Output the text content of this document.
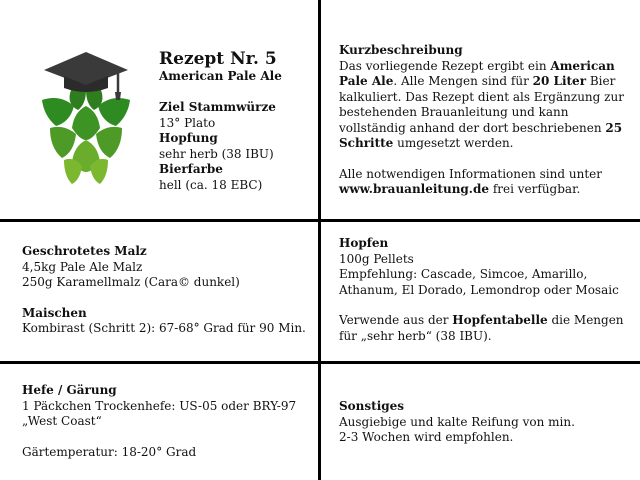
Rezept Nr. 5
American Pale Ale
Ziel Stammwürze
13° Plato
Hopfung
sehr herb (38 IBU)
Bierfarbe
hell (ca. 18 EBC)
Kurzbeschreibung
Das vorliegende Rezept ergibt ein American Pale Ale. Alle Mengen sind für 20 Liter Bier kalkuliert. Das Rezept dient als Ergänzung zur bestehenden Brauanleitung und kann vollständig anhand der dort beschriebenen 25 Schritte umgesetzt werden.
Alle notwendigen Informationen sind unter www.brauanleitung.de frei verfügbar.
Geschrotetes Malz
4,5kg Pale Ale Malz
250g Karamellmalz (Cara© dunkel)
Maischen
Kombirast (Schritt 2): 67-68° Grad für 90 Min.
Hopfen
100g Pellets
Empfehlung: Cascade, Simcoe, Amarillo,
Athanum, El Dorado, Lemondrop oder Mosaic
Verwende aus der Hopfentabelle die Mengen für „sehr herb“ (38 IBU).
Hefe / Gärung
1 Päckchen Trockenhefe: US-05 oder BRY-97
„West Coast“
Gärtemperatur: 18-20° Grad
Sonstiges
Ausgiebige und kalte Reifung von min.
2-3 Wochen wird empfohlen.
